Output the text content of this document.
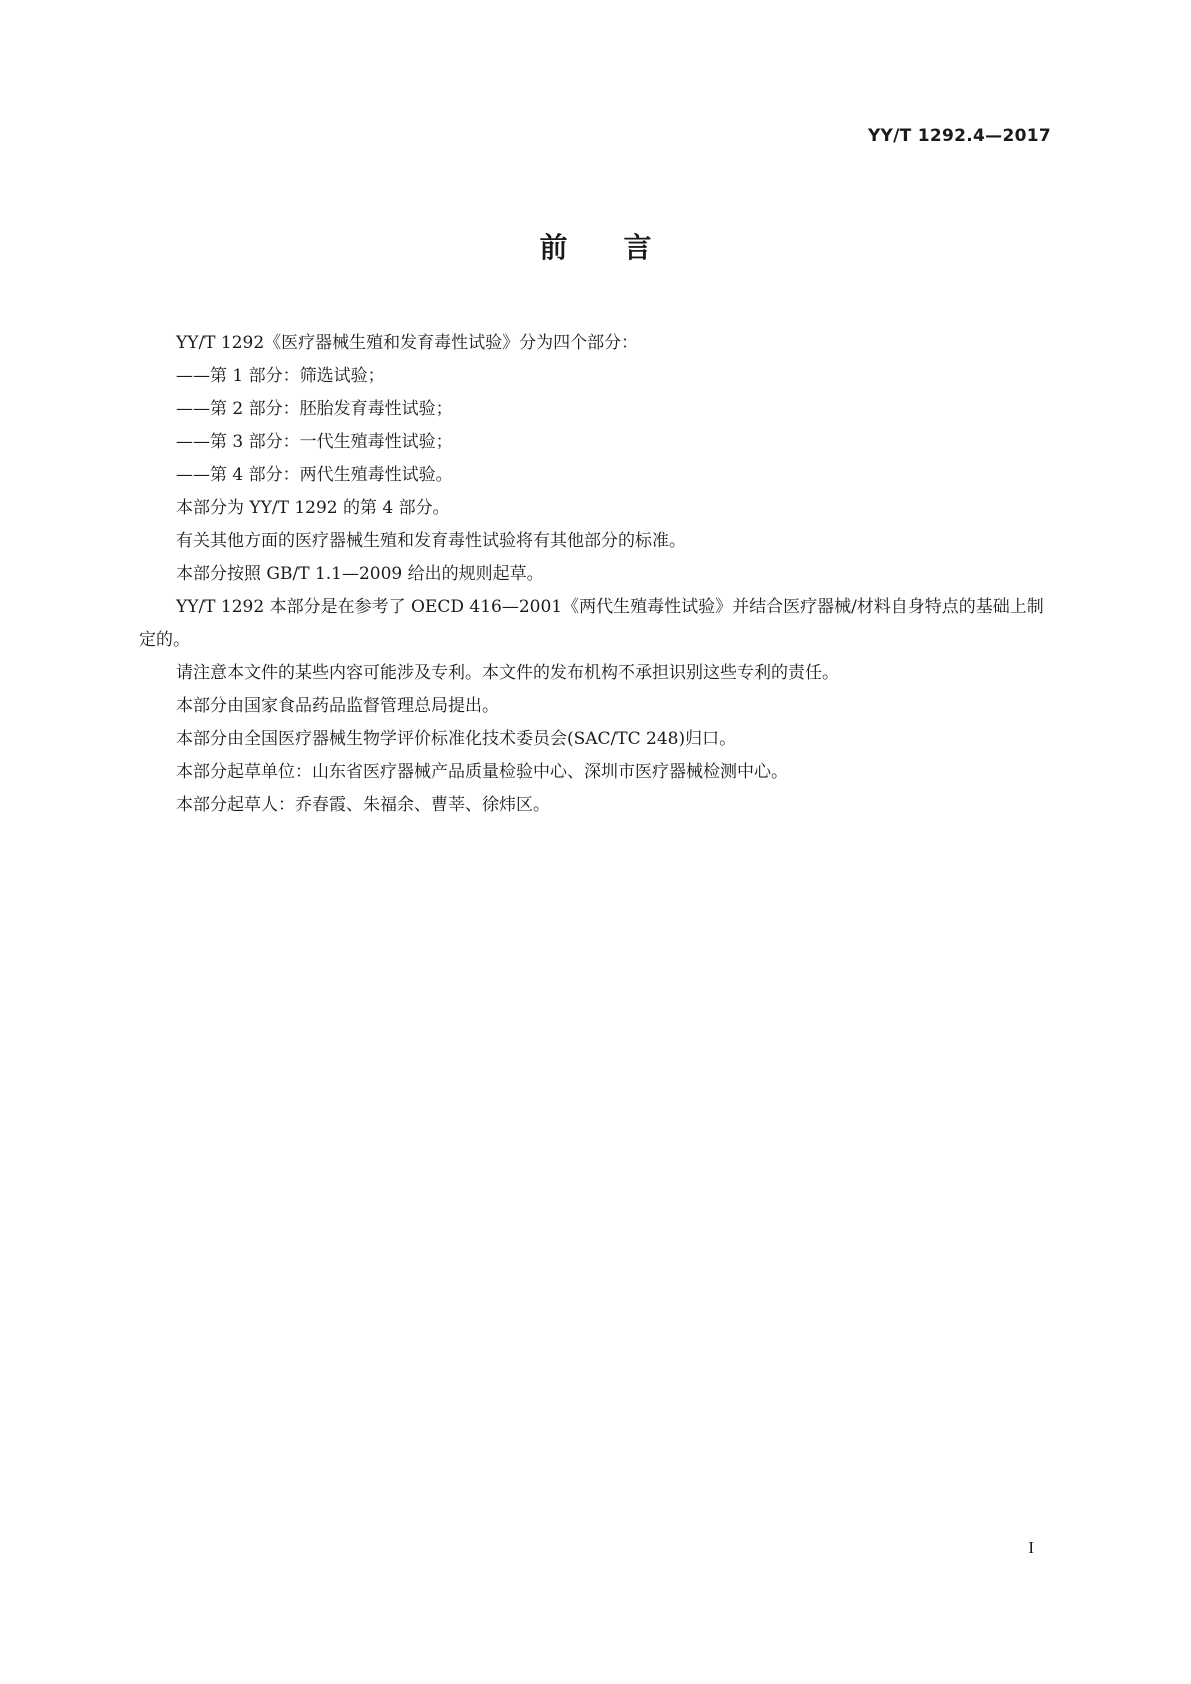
YY/T 1292.4—2017
前言

YY/T 1292《医疗器械生殖和发育毒性试验》分为四个部分：

——第 1 部分：筛选试验；

——第 2 部分：胚胎发育毒性试验；

——第 3 部分：一代生殖毒性试验；

——第 4 部分：两代生殖毒性试验。

本部分为 YY/T 1292 的第 4 部分。

有关其他方面的医疗器械生殖和发育毒性试验将有其他部分的标准。

本部分按照 GB/T 1.1—2009 给出的规则起草。

YY/T 1292 本部分是在参考了 OECD 416—2001《两代生殖毒性试验》并结合医疗器械/材料自身特点的基础上制定的。

请注意本文件的某些内容可能涉及专利。本文件的发布机构不承担识别这些专利的责任。

本部分由国家食品药品监督管理总局提出。

本部分由全国医疗器械生物学评价标准化技术委员会(SAC/TC 248)归口。

本部分起草单位：山东省医疗器械产品质量检验中心、深圳市医疗器械检测中心。

本部分起草人：乔春霞、朱福余、曹莘、徐炜区。

I
